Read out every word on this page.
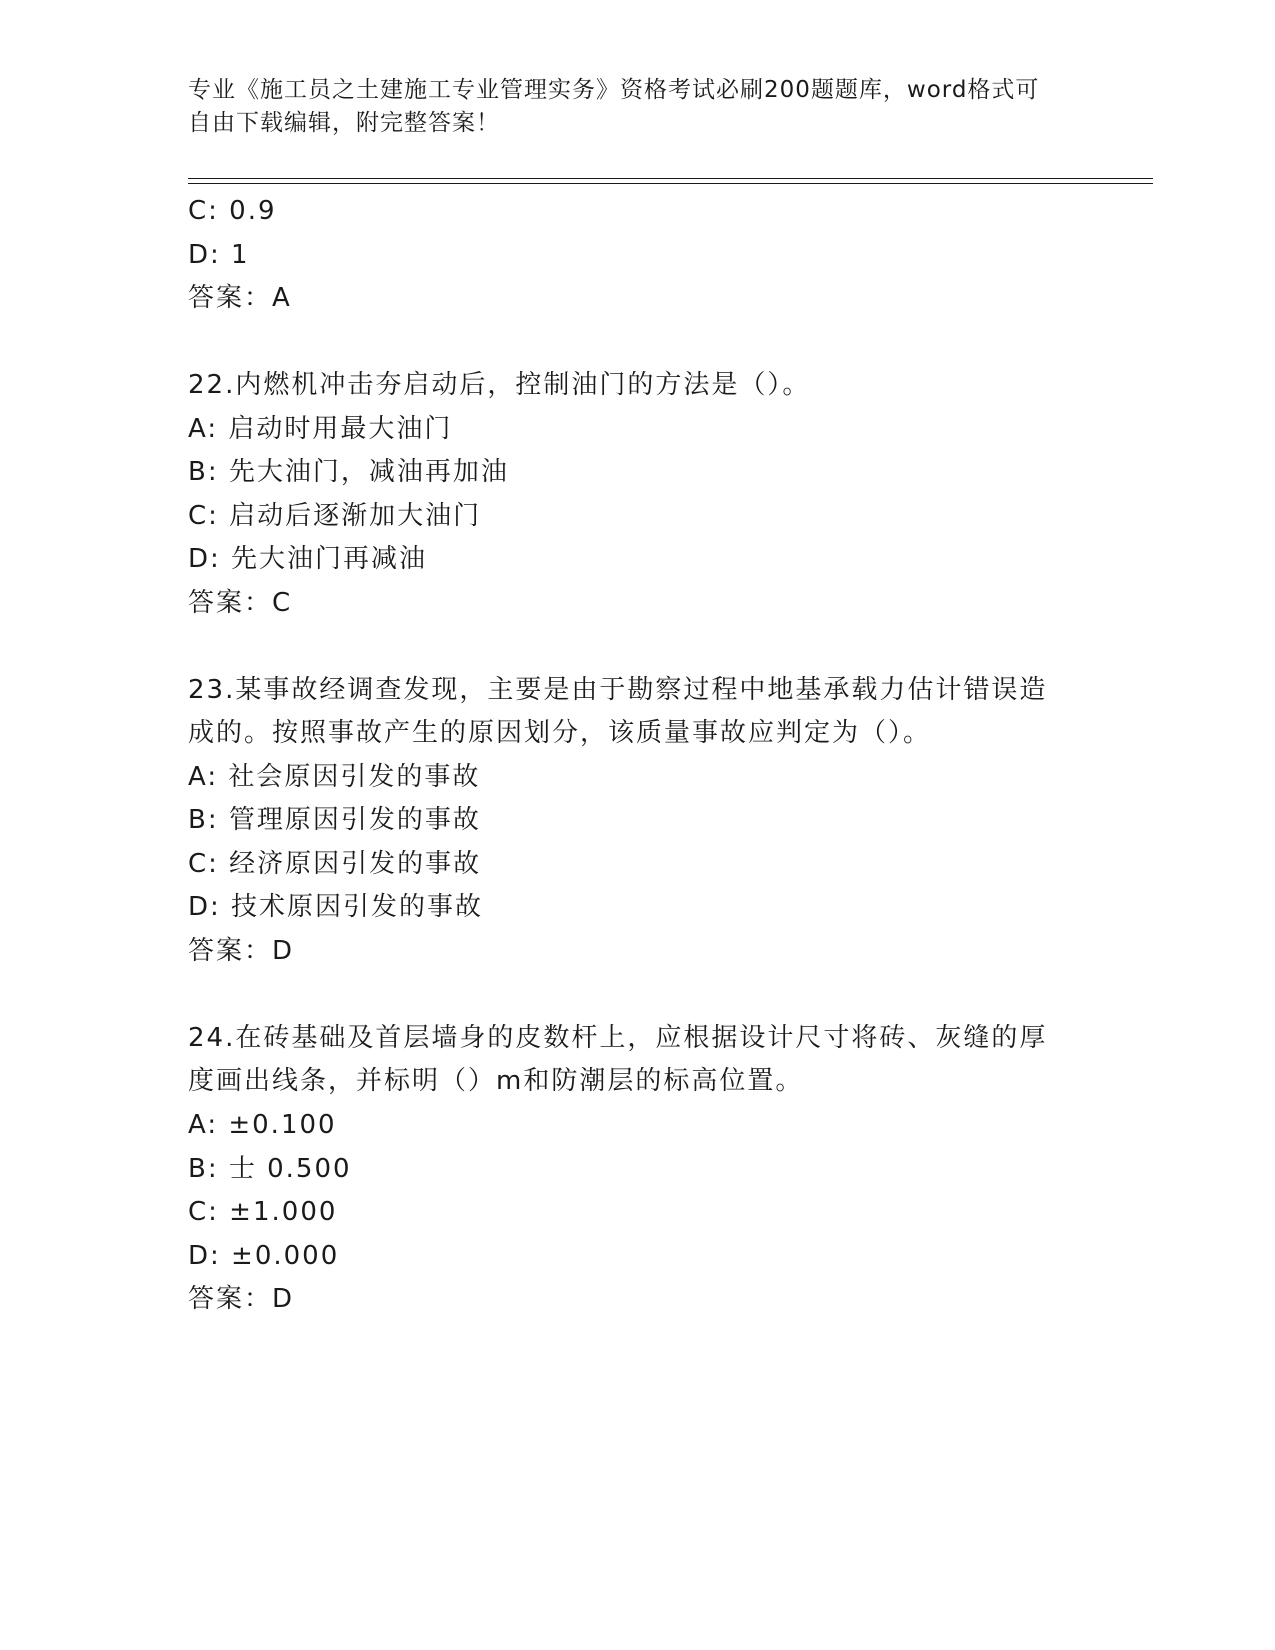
专业《施工员之土建施工专业管理实务》资格考试必刷200题题库，word格式可
自由下载编辑，附完整答案！
C: 0.9
D: 1
答案：A
22.内燃机冲击夯启动后，控制油门的方法是（）。
A: 启动时用最大油门
B: 先大油门，减油再加油
C: 启动后逐渐加大油门
D: 先大油门再减油
答案：C
23.某事故经调查发现，主要是由于勘察过程中地基承载力估计错误造
成的。按照事故产生的原因划分，该质量事故应判定为（）。
A: 社会原因引发的事故
B: 管理原因引发的事故
C: 经济原因引发的事故
D: 技术原因引发的事故
答案：D
24.在砖基础及首层墙身的皮数杆上，应根据设计尺寸将砖、灰缝的厚
度画出线条，并标明（）m和防潮层的标高位置。
A: ±0.100
B: 士 0.500
C: ±1.000
D: ±0.000
答案：D
